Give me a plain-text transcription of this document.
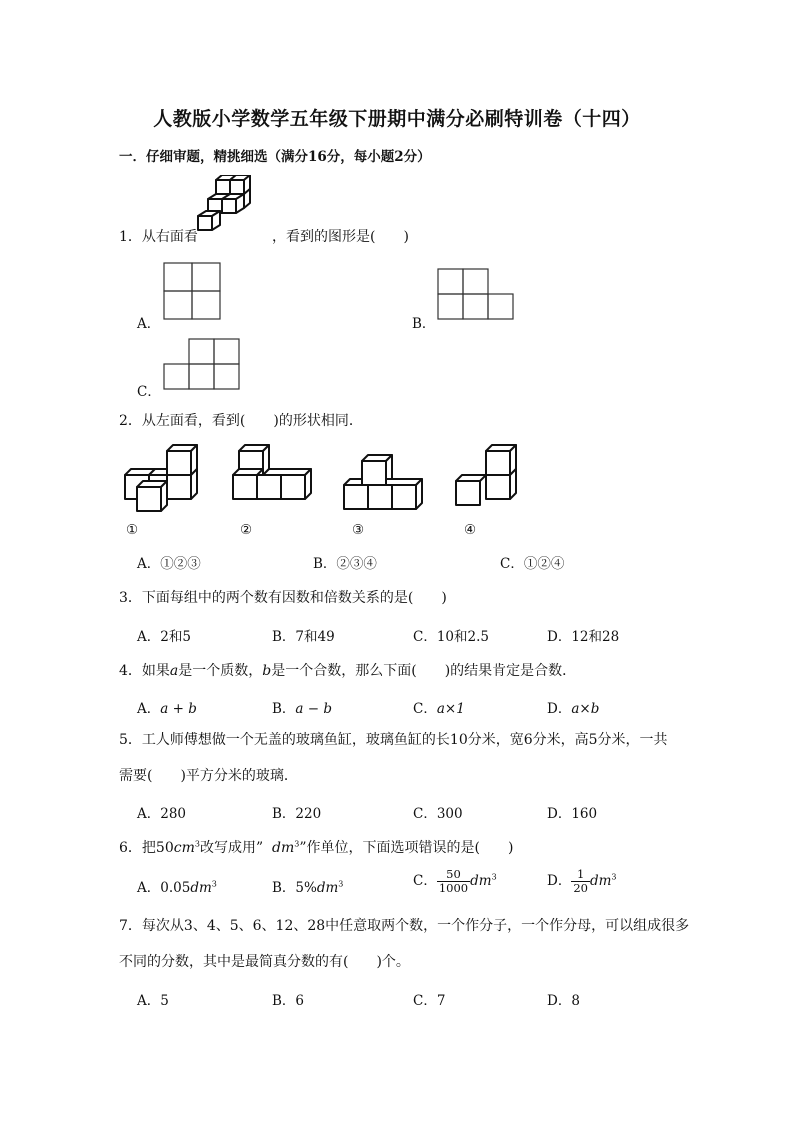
人教版小学数学五年级下册期中满分必刷特训卷（十四）
一．仔细审题，精挑细选（满分16分，每小题2分）
1．从右面看	，看到的图形是(　　)
A．	B．
C．
2．从左面看，看到(　　)的形状相同．
①	②	③	④
A．①②③	B．②③④	C．①②④
3．下面每组中的两个数有因数和倍数关系的是(　　)
A．2和5	B．7和49	C．10和2.5	D．12和28
4．如果a是一个质数，b是一个合数，那么下面(　　)的结果肯定是合数．
A．a + b	B．a − b	C．a×1	D．a×b
5．工人师傅想做一个无盖的玻璃鱼缸，玻璃鱼缸的长10分米，宽6分米，高5分米，一共
需要(　　)平方分米的玻璃．
A．280	B．220	C．300	D．160
6．把$50cm^3$改写成用” $dm^3$”作单位，下面选项错误的是(　　)
A．$0.05dm^3$	B．$5\%dm^3$	C． $\frac{50}{1000} dm^3$	D． $\frac{1}{20} dm^3$
7．每次从3、4、5、6、12、28中任意取两个数，一个作分子，一个作分母，可以组成很多
不同的分数，其中是最简真分数的有(　　)个。
A．5	B．6	C．7	D．8
